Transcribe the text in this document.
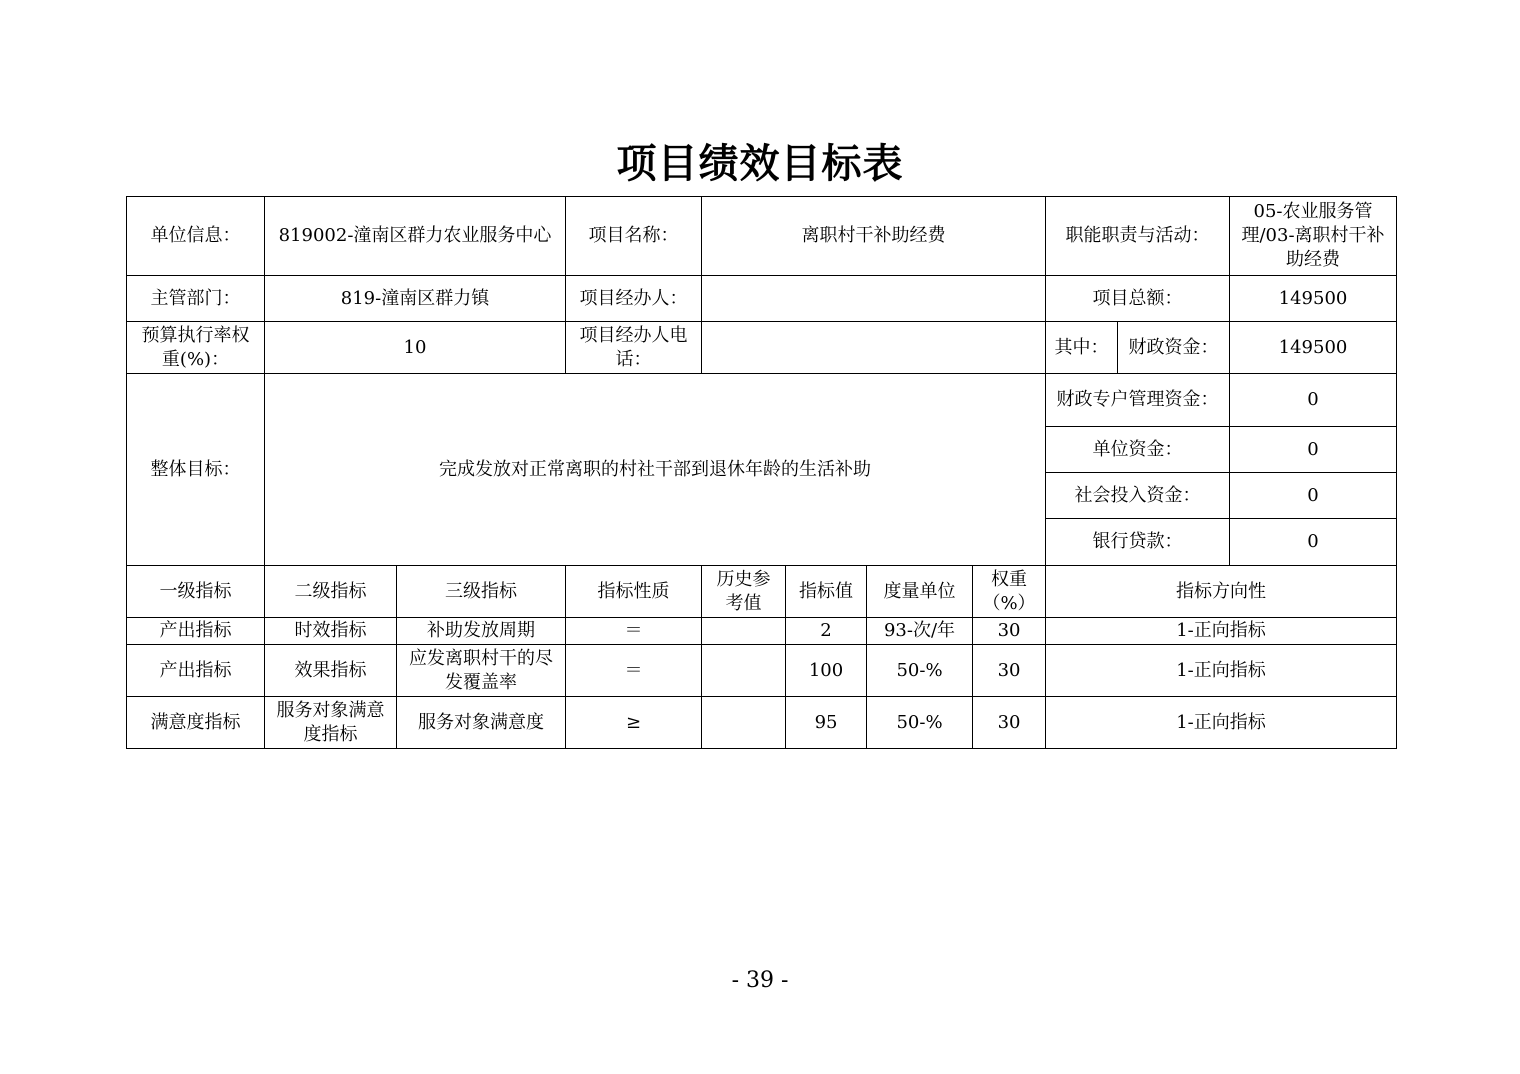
项目绩效目标表
单位信息：	819002-潼南区群力农业服务中心		项目名称：	离职村干补助经费				职能职责与活动：		05-农业服务管理/03-离职村干补助经费
主管部门：	819-潼南区群力镇		项目经办人：					项目总额：		149500
预算执行率权重(%)：	10		项目经办人电话：					其中：	财政资金：	149500
整体目标：	完成发放对正常离职的村社干部到退休年龄的生活补助							财政专户管理资金：		0
								单位资金：		0
								社会投入资金：		0
								银行贷款：		0
一级指标	二级指标	三级指标	指标性质	历史参考值	指标值	度量单位	权重（%）	指标方向性		
产出指标	时效指标	补助发放周期	＝		2	93-次/年	30	1-正向指标		
产出指标	效果指标	应发离职村干的尽发覆盖率	＝		100	50-%	30	1-正向指标		
满意度指标	服务对象满意度指标	服务对象满意度	≥		95	50-%	30	1-正向指标		
- 39 -
